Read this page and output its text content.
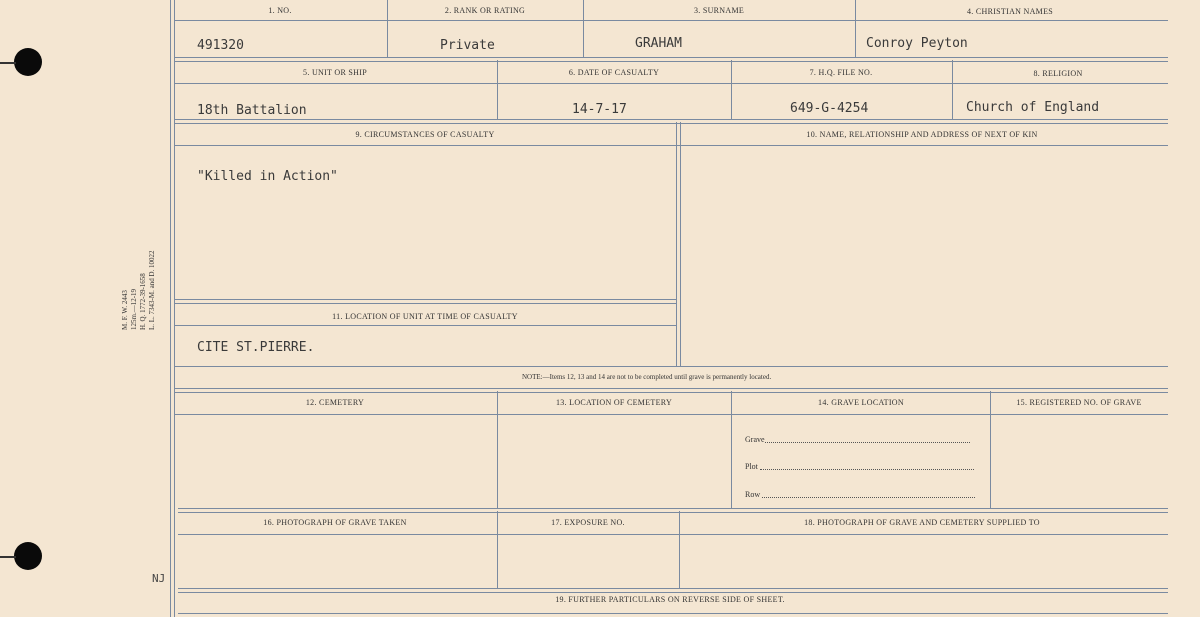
M. F. W. 2443 125m.—12-19 H. Q. 1772-39-1658 L. L. 7343-M. and D. 10022
NJ
1. NO.	2. RANK OR RATING	3. SURNAME	4. CHRISTIAN NAMES
491320	Private	GRAHAM	Conroy Peyton
5. UNIT OR SHIP	6. DATE OF CASUALTY	7. H.Q. FILE NO.	8. RELIGION
18th Battalion	14-7-17	649-G-4254	Church of England
9. CIRCUMSTANCES OF CASUALTY	10. NAME, RELATIONSHIP AND ADDRESS OF NEXT OF KIN
"Killed in Action"
11. LOCATION OF UNIT AT TIME OF CASUALTY
CITE ST.PIERRE.
NOTE:—Items 12, 13 and 14 are not to be completed until grave is permanently located.
12. CEMETERY	13. LOCATION OF CEMETERY	14. GRAVE LOCATION	15. REGISTERED NO. OF GRAVE
Grave
Plot
Row
16. PHOTOGRAPH OF GRAVE TAKEN	17. EXPOSURE NO.	18. PHOTOGRAPH OF GRAVE AND CEMETERY SUPPLIED TO
19. FURTHER PARTICULARS ON REVERSE SIDE OF SHEET.
